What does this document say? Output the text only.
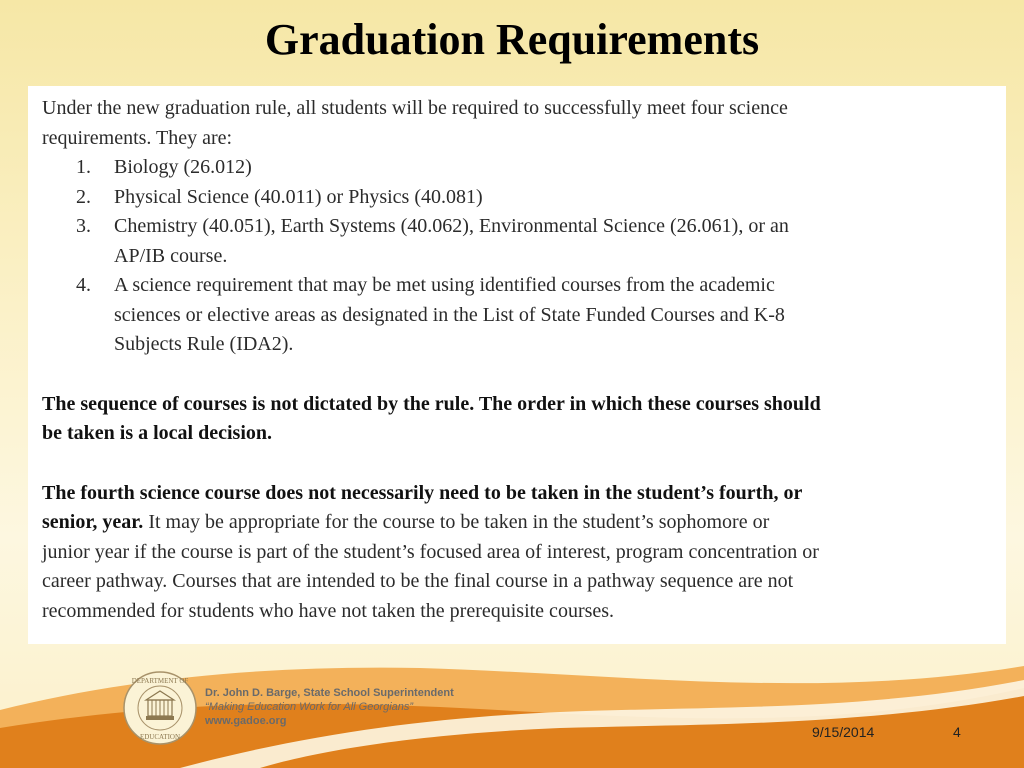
Graduation Requirements

Under the new graduation rule, all students will be required to successfully meet four science
requirements. They are:

1. Biology (26.012)
2. Physical Science (40.011) or Physics (40.081)
3. Chemistry (40.051), Earth Systems (40.062), Environmental Science (26.061), or an
AP/IB course.
4. A science requirement that may be met using identified courses from the academic
sciences or elective areas as designated in the List of State Funded Courses and K-8
Subjects Rule (IDA2).

The sequence of courses is not dictated by the rule. The order in which these courses should
be taken is a local decision.

The fourth science course does not necessarily need to be taken in the student’s fourth, or
senior, year. It may be appropriate for the course to be taken in the student’s sophomore or
junior year if the course is part of the student’s focused area of interest, program concentration or
career pathway. Courses that are intended to be the final course in a pathway sequence are not
recommended for students who have not taken the prerequisite courses.

DEPARTMENT OF
EDUCATION
Dr. John D. Barge, State School Superintendent
“Making Education Work for All Georgians”
www.gadoe.org
9/15/2014	4
